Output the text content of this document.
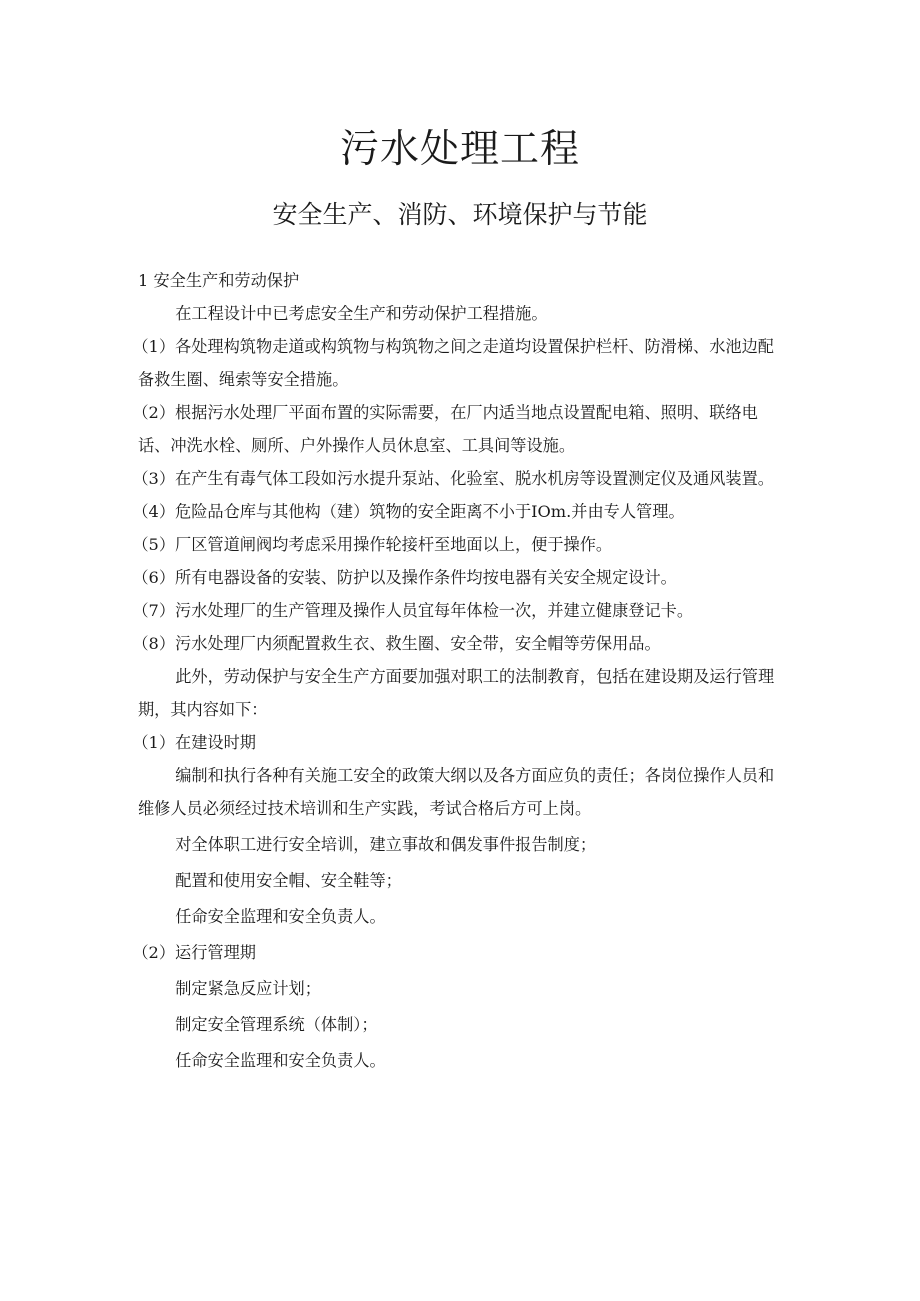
污水处理工程
安全生产、消防、环境保护与节能

1 安全生产和劳动保护

在工程设计中已考虑安全生产和劳动保护工程措施。

（1）各处理构筑物走道或构筑物与构筑物之间之走道均设置保护栏杆、防滑梯、水池边配备救生圈、绳索等安全措施。

（2）根据污水处理厂平面布置的实际需要，在厂内适当地点设置配电箱、照明、联络电话、冲洗水栓、厕所、户外操作人员休息室、工具间等设施。

（3）在产生有毒气体工段如污水提升泵站、化验室、脱水机房等设置测定仪及通风装置。

（4）危险品仓库与其他构（建）筑物的安全距离不小于IOm.并由专人管理。

（5）厂区管道闸阀均考虑采用操作轮接杆至地面以上，便于操作。

（6）所有电器设备的安装、防护以及操作条件均按电器有关安全规定设计。

（7）污水处理厂的生产管理及操作人员宜每年体检一次，并建立健康登记卡。

（8）污水处理厂内须配置救生衣、救生圈、安全带，安全帽等劳保用品。

此外，劳动保护与安全生产方面要加强对职工的法制教育，包括在建设期及运行管理期，其内容如下：

（1）在建设时期

编制和执行各种有关施工安全的政策大纲以及各方面应负的责任；各岗位操作人员和维修人员必须经过技术培训和生产实践，考试合格后方可上岗。

对全体职工进行安全培训，建立事故和偶发事件报告制度；

配置和使用安全帽、安全鞋等；

任命安全监理和安全负责人。

（2）运行管理期

制定紧急反应计划；

制定安全管理系统（体制）；

任命安全监理和安全负责人。
